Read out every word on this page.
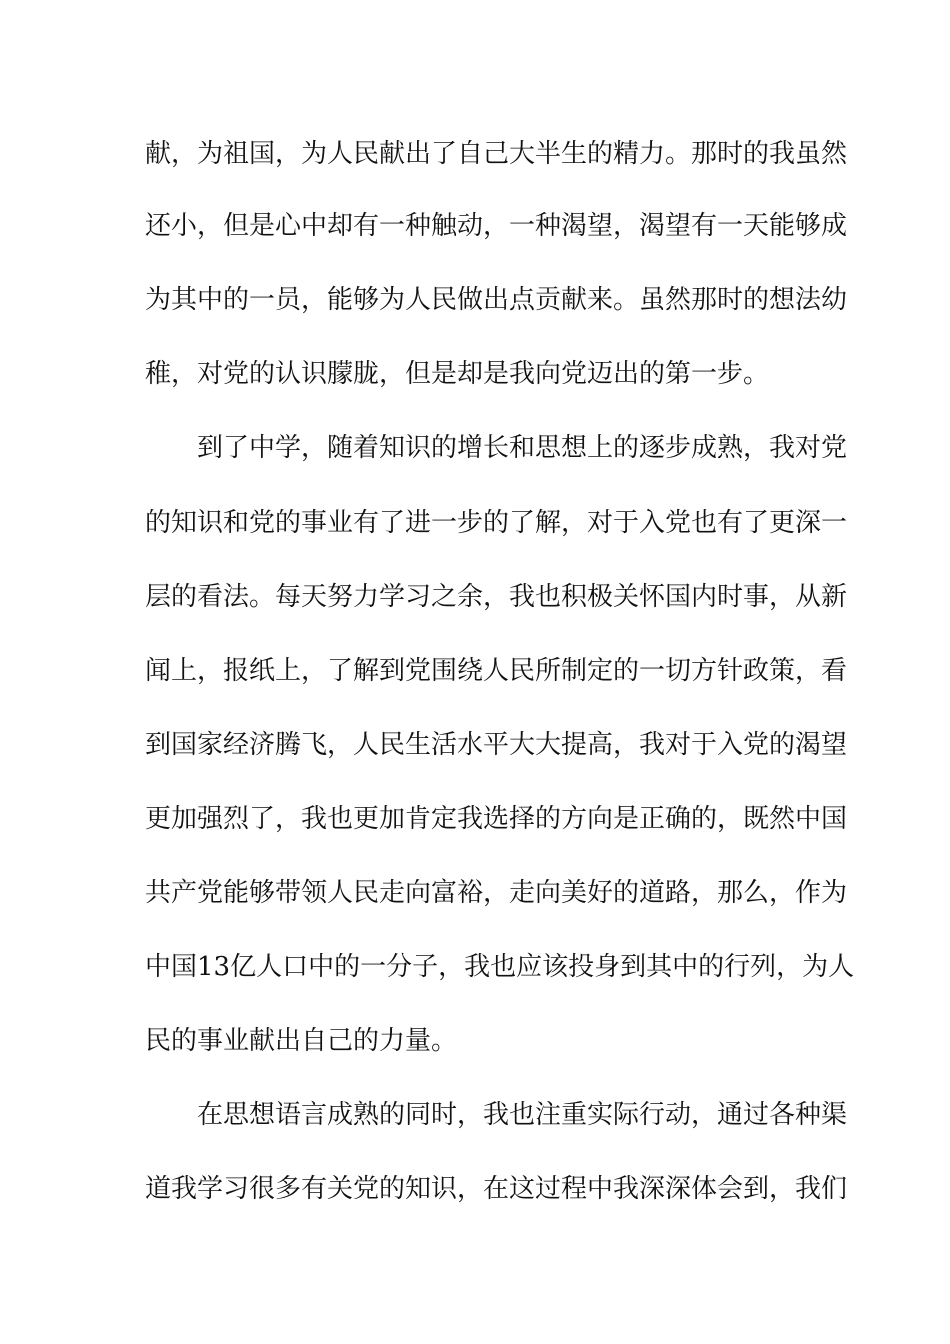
献，为祖国，为人民献出了自己大半生的精力。那时的我虽然
还小，但是心中却有一种触动，一种渴望，渴望有一天能够成
为其中的一员，能够为人民做出点贡献来。虽然那时的想法幼
稚，对党的认识朦胧，但是却是我向党迈出的第一步。
　　到了中学，随着知识的增长和思想上的逐步成熟，我对党
的知识和党的事业有了进一步的了解，对于入党也有了更深一
层的看法。每天努力学习之余，我也积极关怀国内时事，从新
闻上，报纸上，了解到党围绕人民所制定的一切方针政策，看
到国家经济腾飞，人民生活水平大大提高，我对于入党的渴望
更加强烈了，我也更加肯定我选择的方向是正确的，既然中国
共产党能够带领人民走向富裕，走向美好的道路，那么，作为
中国13亿人口中的一分子，我也应该投身到其中的行列，为人
民的事业献出自己的力量。
　　在思想语言成熟的同时，我也注重实际行动，通过各种渠
道我学习很多有关党的知识，在这过程中我深深体会到，我们
